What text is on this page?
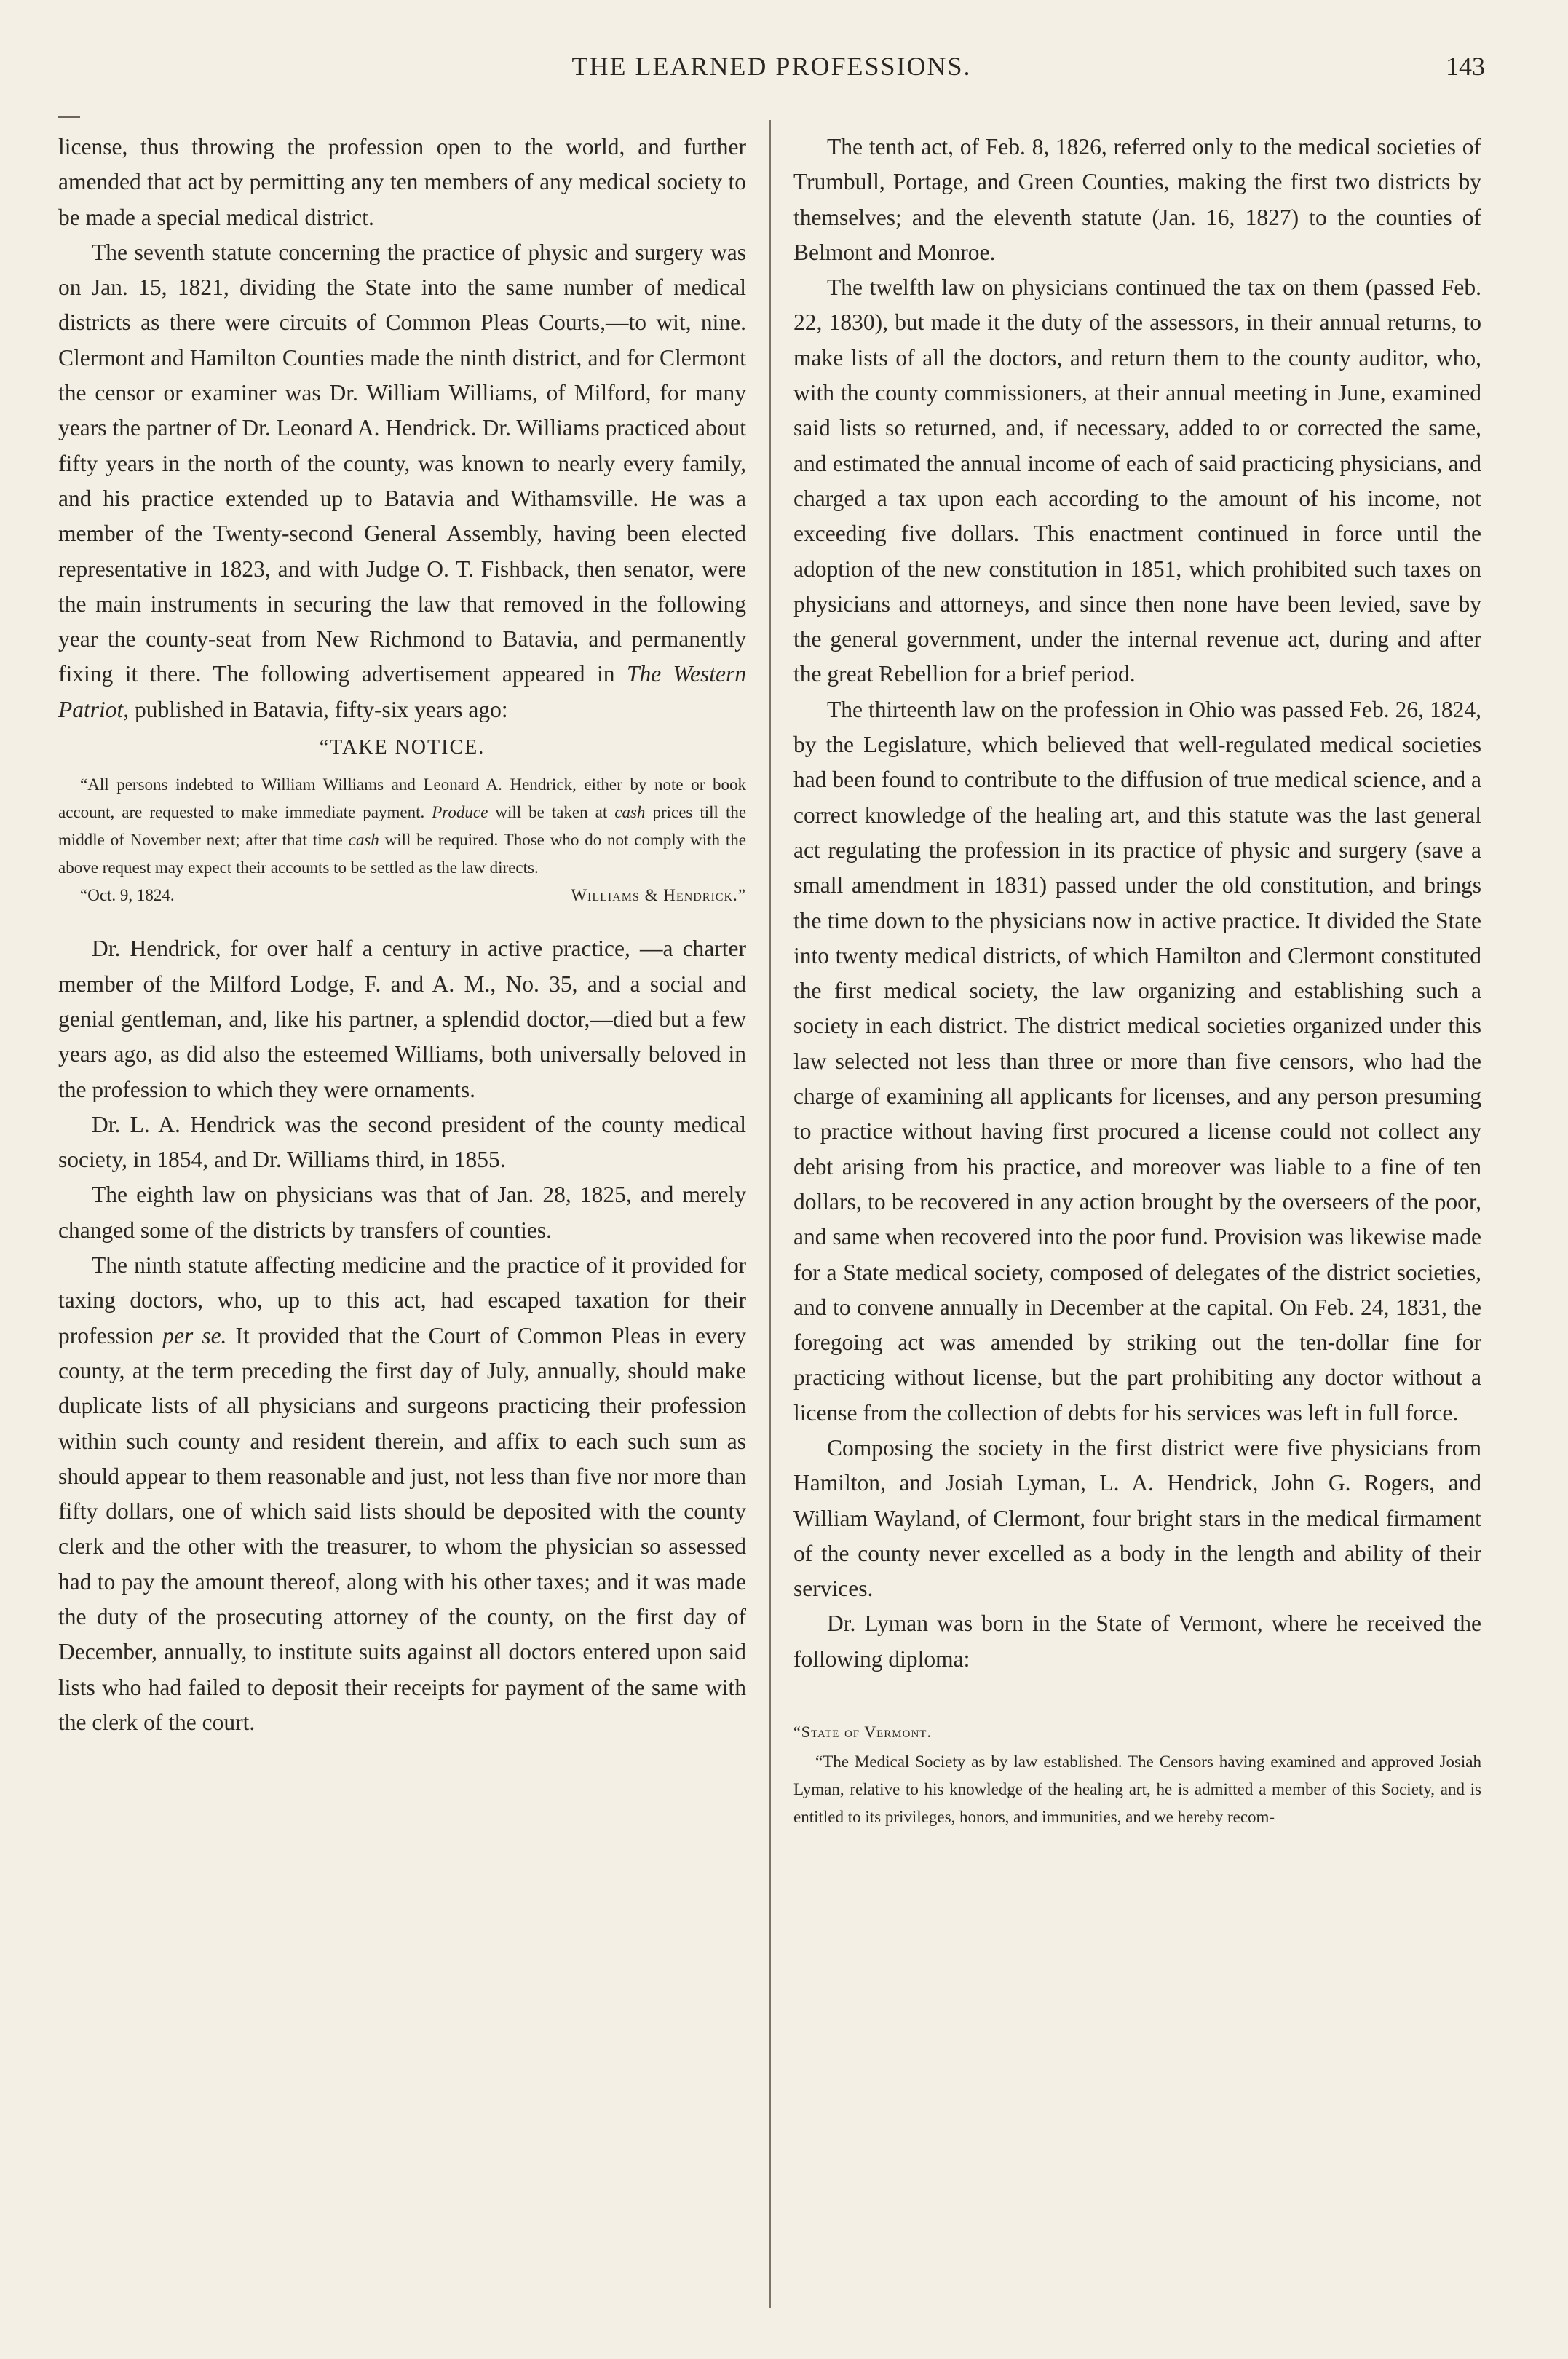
THE LEARNED PROFESSIONS.	143

license, thus throwing the profession open to the world, and further amended that act by permitting any ten members of any medical society to be made a special medical district.

The seventh statute concerning the practice of physic and surgery was on Jan. 15, 1821, dividing the State into the same number of medical districts as there were circuits of Common Pleas Courts,—to wit, nine. Clermont and Hamilton Counties made the ninth district, and for Clermont the censor or examiner was Dr. William Williams, of Milford, for many years the partner of Dr. Leonard A. Hendrick. Dr. Williams practiced about fifty years in the north of the county, was known to nearly every family, and his practice extended up to Batavia and Withamsville. He was a member of the Twenty-second General Assembly, having been elected representative in 1823, and with Judge O. T. Fishback, then senator, were the main instruments in securing the law that removed in the following year the county-seat from New Richmond to Batavia, and permanently fixing it there. The following advertisement appeared in The Western Patriot, published in Batavia, fifty-six years ago:

“TAKE NOTICE.

“All persons indebted to William Williams and Leonard A. Hendrick, either by note or book account, are requested to make immediate payment. Produce will be taken at cash prices till the middle of November next; after that time cash will be required. Those who do not comply with the above request may expect their accounts to be settled as the law directs.

“Oct. 9, 1824.	Williams & Hendrick.”

Dr. Hendrick, for over half a century in active practice, —a charter member of the Milford Lodge, F. and A. M., No. 35, and a social and genial gentleman, and, like his partner, a splendid doctor,—died but a few years ago, as did also the esteemed Williams, both universally beloved in the profession to which they were ornaments.

Dr. L. A. Hendrick was the second president of the county medical society, in 1854, and Dr. Williams third, in 1855.

The eighth law on physicians was that of Jan. 28, 1825, and merely changed some of the districts by transfers of counties.

The ninth statute affecting medicine and the practice of it provided for taxing doctors, who, up to this act, had escaped taxation for their profession per se. It provided that the Court of Common Pleas in every county, at the term preceding the first day of July, annually, should make duplicate lists of all physicians and surgeons practicing their profession within such county and resident therein, and affix to each such sum as should appear to them reasonable and just, not less than five nor more than fifty dollars, one of which said lists should be deposited with the county clerk and the other with the treasurer, to whom the physician so assessed had to pay the amount thereof, along with his other taxes; and it was made the duty of the prosecuting attorney of the county, on the first day of December, annually, to institute suits against all doctors entered upon said lists who had failed to deposit their receipts for payment of the same with the clerk of the court.

The tenth act, of Feb. 8, 1826, referred only to the medical societies of Trumbull, Portage, and Green Counties, making the first two districts by themselves; and the eleventh statute (Jan. 16, 1827) to the counties of Belmont and Monroe.

The twelfth law on physicians continued the tax on them (passed Feb. 22, 1830), but made it the duty of the assessors, in their annual returns, to make lists of all the doctors, and return them to the county auditor, who, with the county commissioners, at their annual meeting in June, examined said lists so returned, and, if necessary, added to or corrected the same, and estimated the annual income of each of said practicing physicians, and charged a tax upon each according to the amount of his income, not exceeding five dollars. This enactment continued in force until the adoption of the new constitution in 1851, which prohibited such taxes on physicians and attorneys, and since then none have been levied, save by the general government, under the internal revenue act, during and after the great Rebellion for a brief period.

The thirteenth law on the profession in Ohio was passed Feb. 26, 1824, by the Legislature, which believed that well-regulated medical societies had been found to contribute to the diffusion of true medical science, and a correct knowledge of the healing art, and this statute was the last general act regulating the profession in its practice of physic and surgery (save a small amendment in 1831) passed under the old constitution, and brings the time down to the physicians now in active practice. It divided the State into twenty medical districts, of which Hamilton and Clermont constituted the first medical society, the law organizing and establishing such a society in each district. The district medical societies organized under this law selected not less than three or more than five censors, who had the charge of examining all applicants for licenses, and any person presuming to practice without having first procured a license could not collect any debt arising from his practice, and moreover was liable to a fine of ten dollars, to be recovered in any action brought by the overseers of the poor, and same when recovered into the poor fund. Provision was likewise made for a State medical society, composed of delegates of the district societies, and to convene annually in December at the capital. On Feb. 24, 1831, the foregoing act was amended by striking out the ten-dollar fine for practicing without license, but the part prohibiting any doctor without a license from the collection of debts for his services was left in full force.

Composing the society in the first district were five physicians from Hamilton, and Josiah Lyman, L. A. Hendrick, John G. Rogers, and William Wayland, of Clermont, four bright stars in the medical firmament of the county never excelled as a body in the length and ability of their services.

Dr. Lyman was born in the State of Vermont, where he received the following diploma:

“State of Vermont.

“The Medical Society as by law established. The Censors having examined and approved Josiah Lyman, relative to his knowledge of the healing art, he is admitted a member of this Society, and is entitled to its privileges, honors, and immunities, and we hereby recom-
